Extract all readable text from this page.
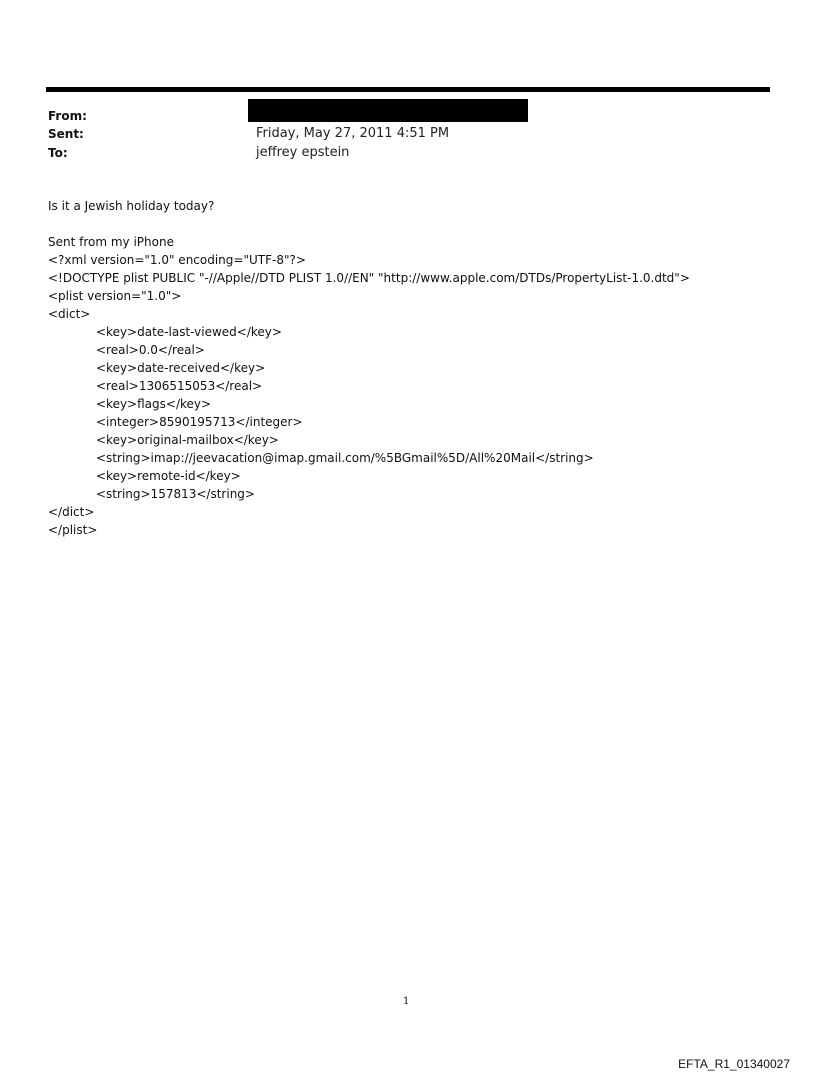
From:
Sent:	Friday, May 27, 2011 4:51 PM
To:	jeffrey epstein
Is it a Jewish holiday today?
Sent from my iPhone
<?xml version="1.0" encoding="UTF-8"?>
<!DOCTYPE plist PUBLIC "-//Apple//DTD PLIST 1.0//EN" "http://www.apple.com/DTDs/PropertyList-1.0.dtd">
<plist version="1.0">
<dict>
<key>date-last-viewed</key>
<real>0.0</real>
<key>date-received</key>
<real>1306515053</real>
<key>flags</key>
<integer>8590195713</integer>
<key>original-mailbox</key>
<string>imap://jeevacation@imap.gmail.com/%5BGmail%5D/All%20Mail</string>
<key>remote-id</key>
<string>157813</string>
</dict>
</plist>
1
EFTA_R1_01340027
